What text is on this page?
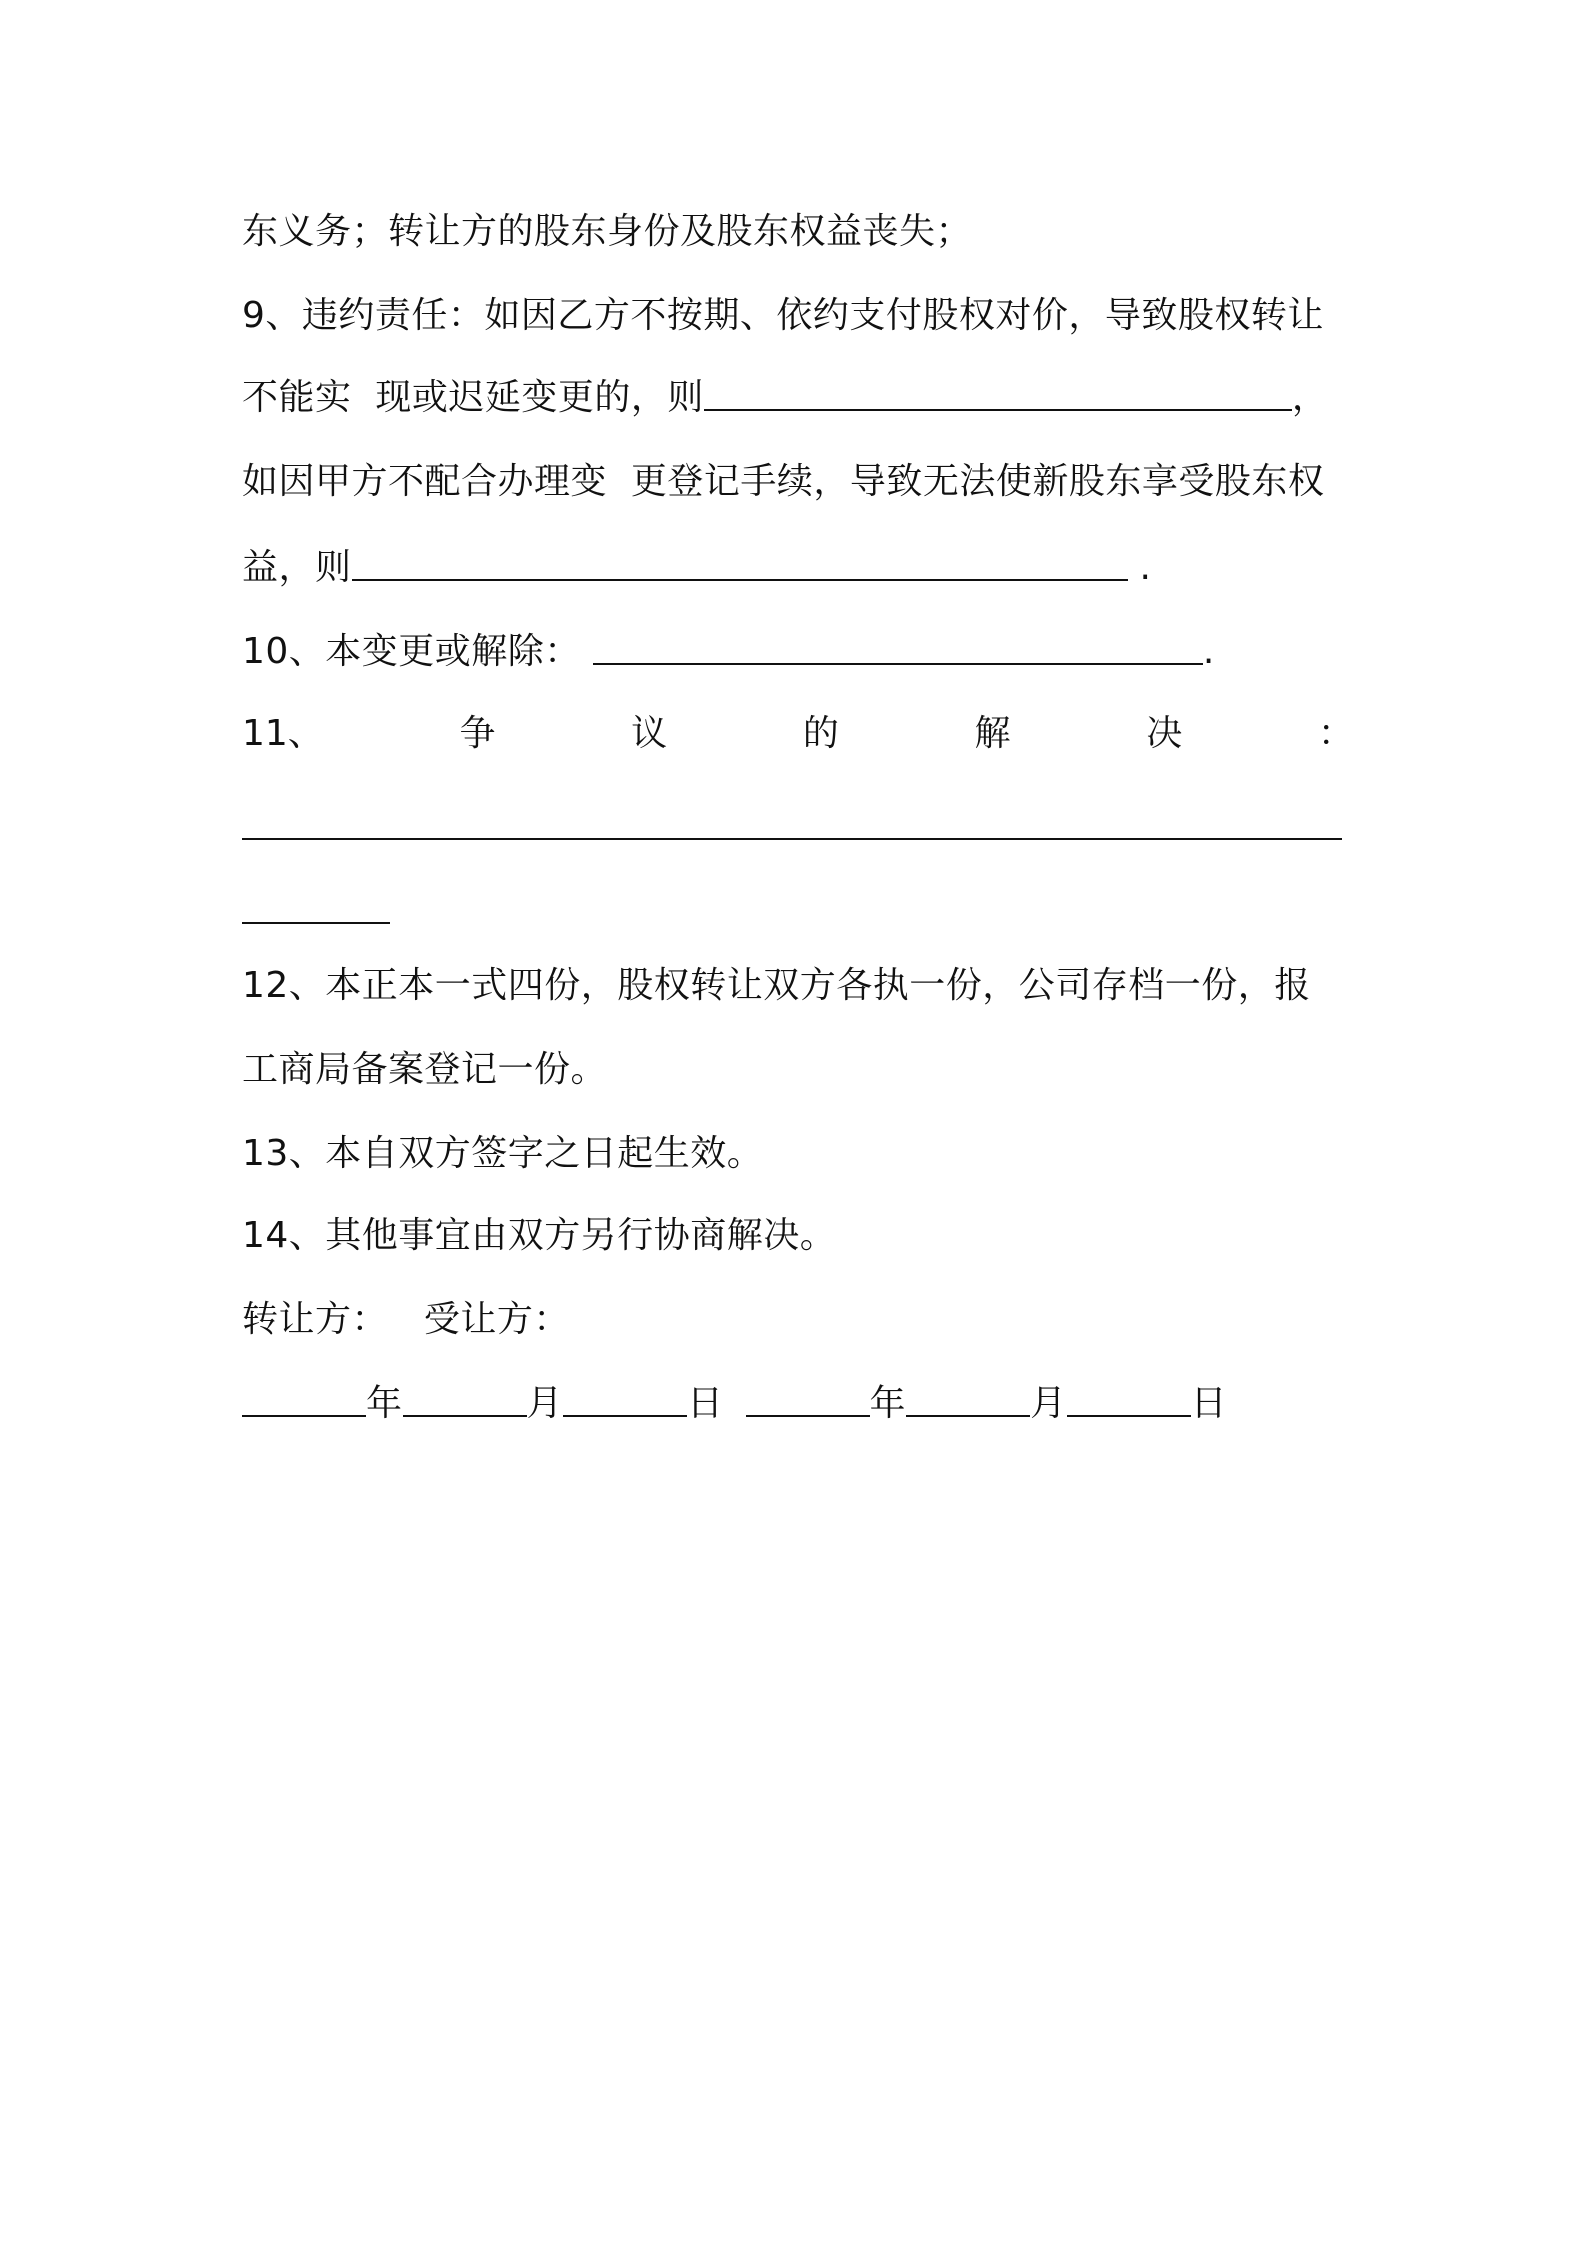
东义务；转让方的股东身份及股东权益丧失；
9、违约责任：如因乙方不按期、依约支付股权对价，导致股权转让
不能实  现或迟延变更的，则	，
如因甲方不配合办理变  更登记手续，导致无法使新股东享受股东权
益，则	.
10、本变更或解除：	.
11、	争	议	的	解	决	：
12、本正本一式四份，股权转让双方各执一份，公司存档一份，报
工商局备案登记一份。
13、本自双方签字之日起生效。
14、其他事宜由双方另行协商解决。
转让方：   受让方：
年	月	日	年	月	日
